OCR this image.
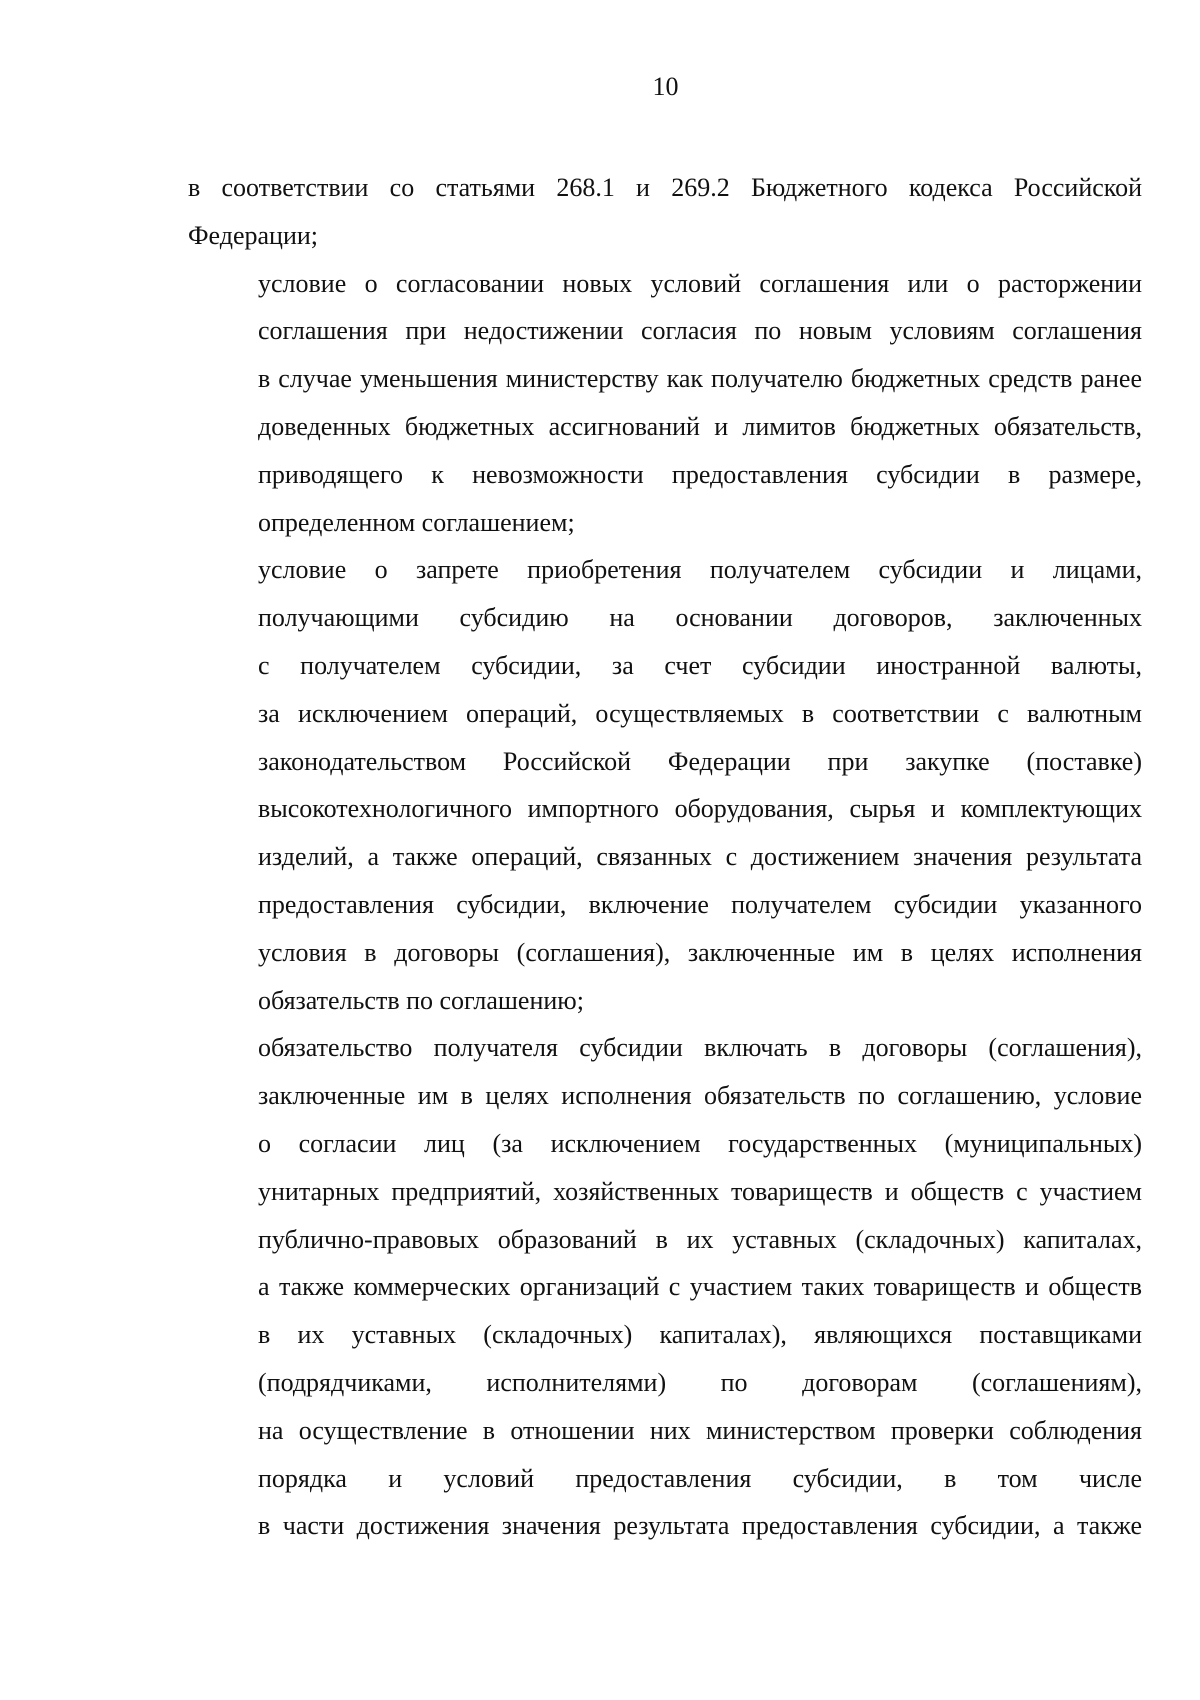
10

в соответствии со статьями 268.1 и 269.2 Бюджетного кодекса Российской
Федерации;

условие о согласовании новых условий соглашения или о расторжении
соглашения при недостижении согласия по новым условиям соглашения
в случае уменьшения министерству как получателю бюджетных средств ранее
доведенных бюджетных ассигнований и лимитов бюджетных обязательств,
приводящего к невозможности предоставления субсидии в размере,
определенном соглашением;

условие о запрете приобретения получателем субсидии и лицами,
получающими субсидию на основании договоров, заключенных
с получателем субсидии, за счет субсидии иностранной валюты,
за исключением операций, осуществляемых в соответствии с валютным
законодательством Российской Федерации при закупке (поставке)
высокотехнологичного импортного оборудования, сырья и комплектующих
изделий, а также операций, связанных с достижением значения результата
предоставления субсидии, включение получателем субсидии указанного
условия в договоры (соглашения), заключенные им в целях исполнения
обязательств по соглашению;

обязательство получателя субсидии включать в договоры (соглашения),
заключенные им в целях исполнения обязательств по соглашению, условие
о согласии лиц (за исключением государственных (муниципальных)
унитарных предприятий, хозяйственных товариществ и обществ с участием
публично-правовых образований в их уставных (складочных) капиталах,
а также коммерческих организаций с участием таких товариществ и обществ
в их уставных (складочных) капиталах), являющихся поставщиками
(подрядчиками, исполнителями) по договорам (соглашениям),
на осуществление в отношении них министерством проверки соблюдения
порядка и условий предоставления субсидии, в том числе
в части достижения значения результата предоставления субсидии, а также
